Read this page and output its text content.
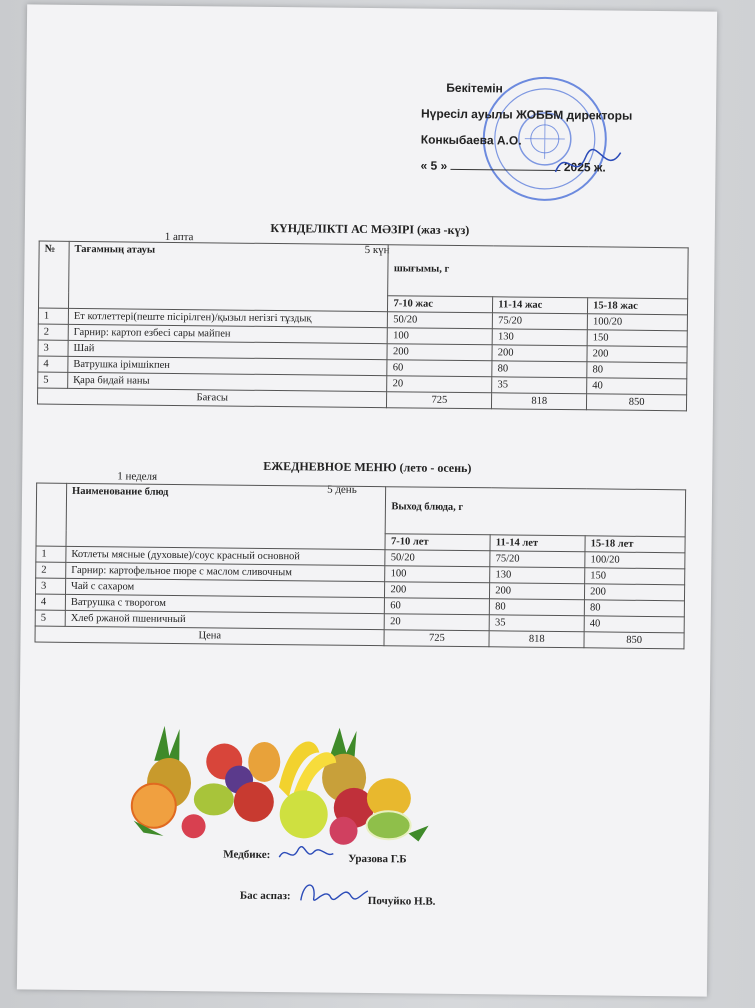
Бекітемін
Нүресіл ауылы ЖОББМ директоры
Конкыбаева А.О.
« 5 »	2025 ж.
КҮНДЕЛІКТІ АС МӘЗІРІ (жаз -күз)
1 апта
5 күн
№	Тағамның атауы	шығымы, г		
		7-10 жас	11-14 жас	15-18 жас
1	Ет котлеттері(пеште пісірілген)/қызыл негізгі тұздық	50/20	75/20	100/20
2	Гарнир: картоп езбесі сары майпен	100	130	150
3	Шай	200	200	200
4	Ватрушка ірімшікпен	60	80	80
5	Қара бидай наны	20	35	40
Бағасы		725	818	850
ЕЖЕДНЕВНОЕ МЕНЮ (лето - осень)
1 неделя
5 день
	Наименование блюд	Выход блюда, г		
		7-10 лет	11-14 лет	15-18 лет
1	Котлеты мясные (духовые)/соус красный основной	50/20	75/20	100/20
2	Гарнир: картофельное пюре с маслом сливочным	100	130	150
3	Чай с сахаром	200	200	200
4	Ватрушка с творогом	60	80	80
5	Хлеб ржаной пшеничный	20	35	40
Цена		725	818	850
Медбике:	Уразова Г.Б
Бас аспаз:	Почуйко Н.В.
